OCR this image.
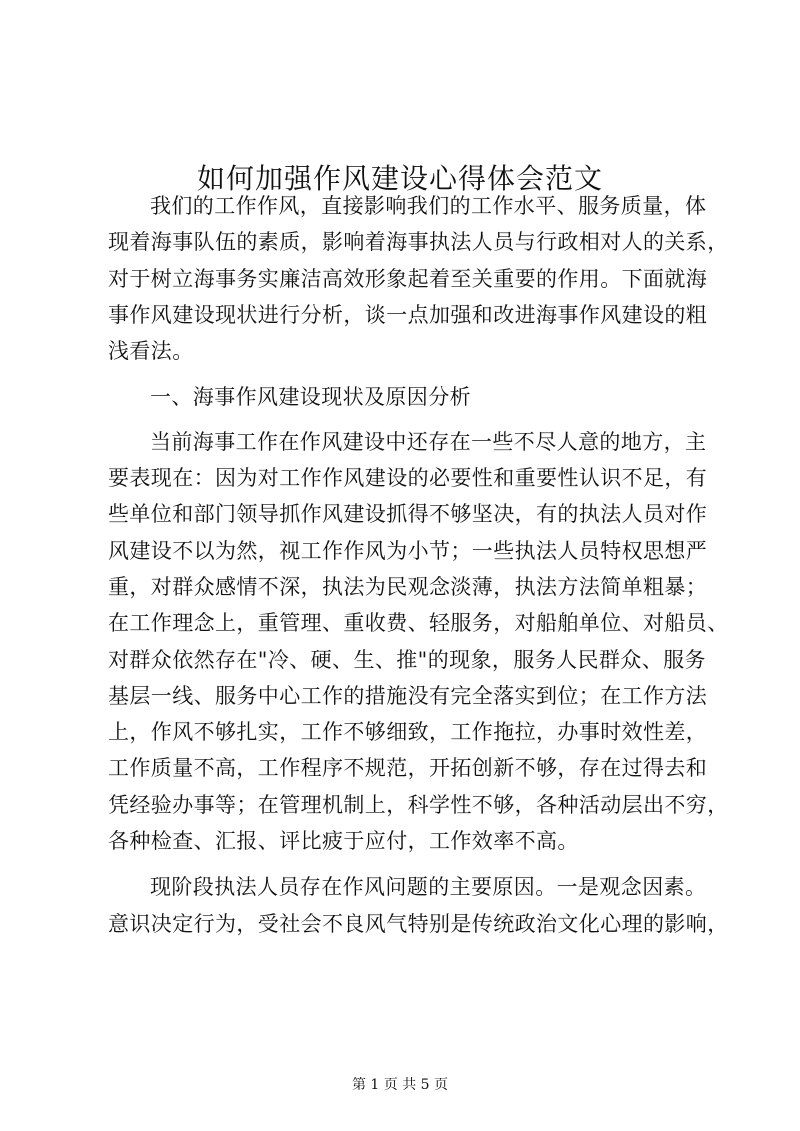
如何加强作风建设心得体会范文
我们的工作作风，直接影响我们的工作水平、服务质量，体
现着海事队伍的素质，影响着海事执法人员与行政相对人的关系，
对于树立海事务实廉洁高效形象起着至关重要的作用。下面就海
事作风建设现状进行分析，谈一点加强和改进海事作风建设的粗
浅看法。
一、海事作风建设现状及原因分析
当前海事工作在作风建设中还存在一些不尽人意的地方，主
要表现在：因为对工作作风建设的必要性和重要性认识不足，有
些单位和部门领导抓作风建设抓得不够坚决，有的执法人员对作
风建设不以为然，视工作作风为小节；一些执法人员特权思想严
重，对群众感情不深，执法为民观念淡薄，执法方法简单粗暴；
在工作理念上，重管理、重收费、轻服务，对船舶单位、对船员、
对群众依然存在"冷、硬、生、推"的现象，服务人民群众、服务
基层一线、服务中心工作的措施没有完全落实到位；在工作方法
上，作风不够扎实，工作不够细致，工作拖拉，办事时效性差，
工作质量不高，工作程序不规范，开拓创新不够，存在过得去和
凭经验办事等；在管理机制上，科学性不够，各种活动层出不穷，
各种检查、汇报、评比疲于应付，工作效率不高。
现阶段执法人员存在作风问题的主要原因。一是观念因素。
意识决定行为，受社会不良风气特别是传统政治文化心理的影响，
第 1 页 共 5 页
